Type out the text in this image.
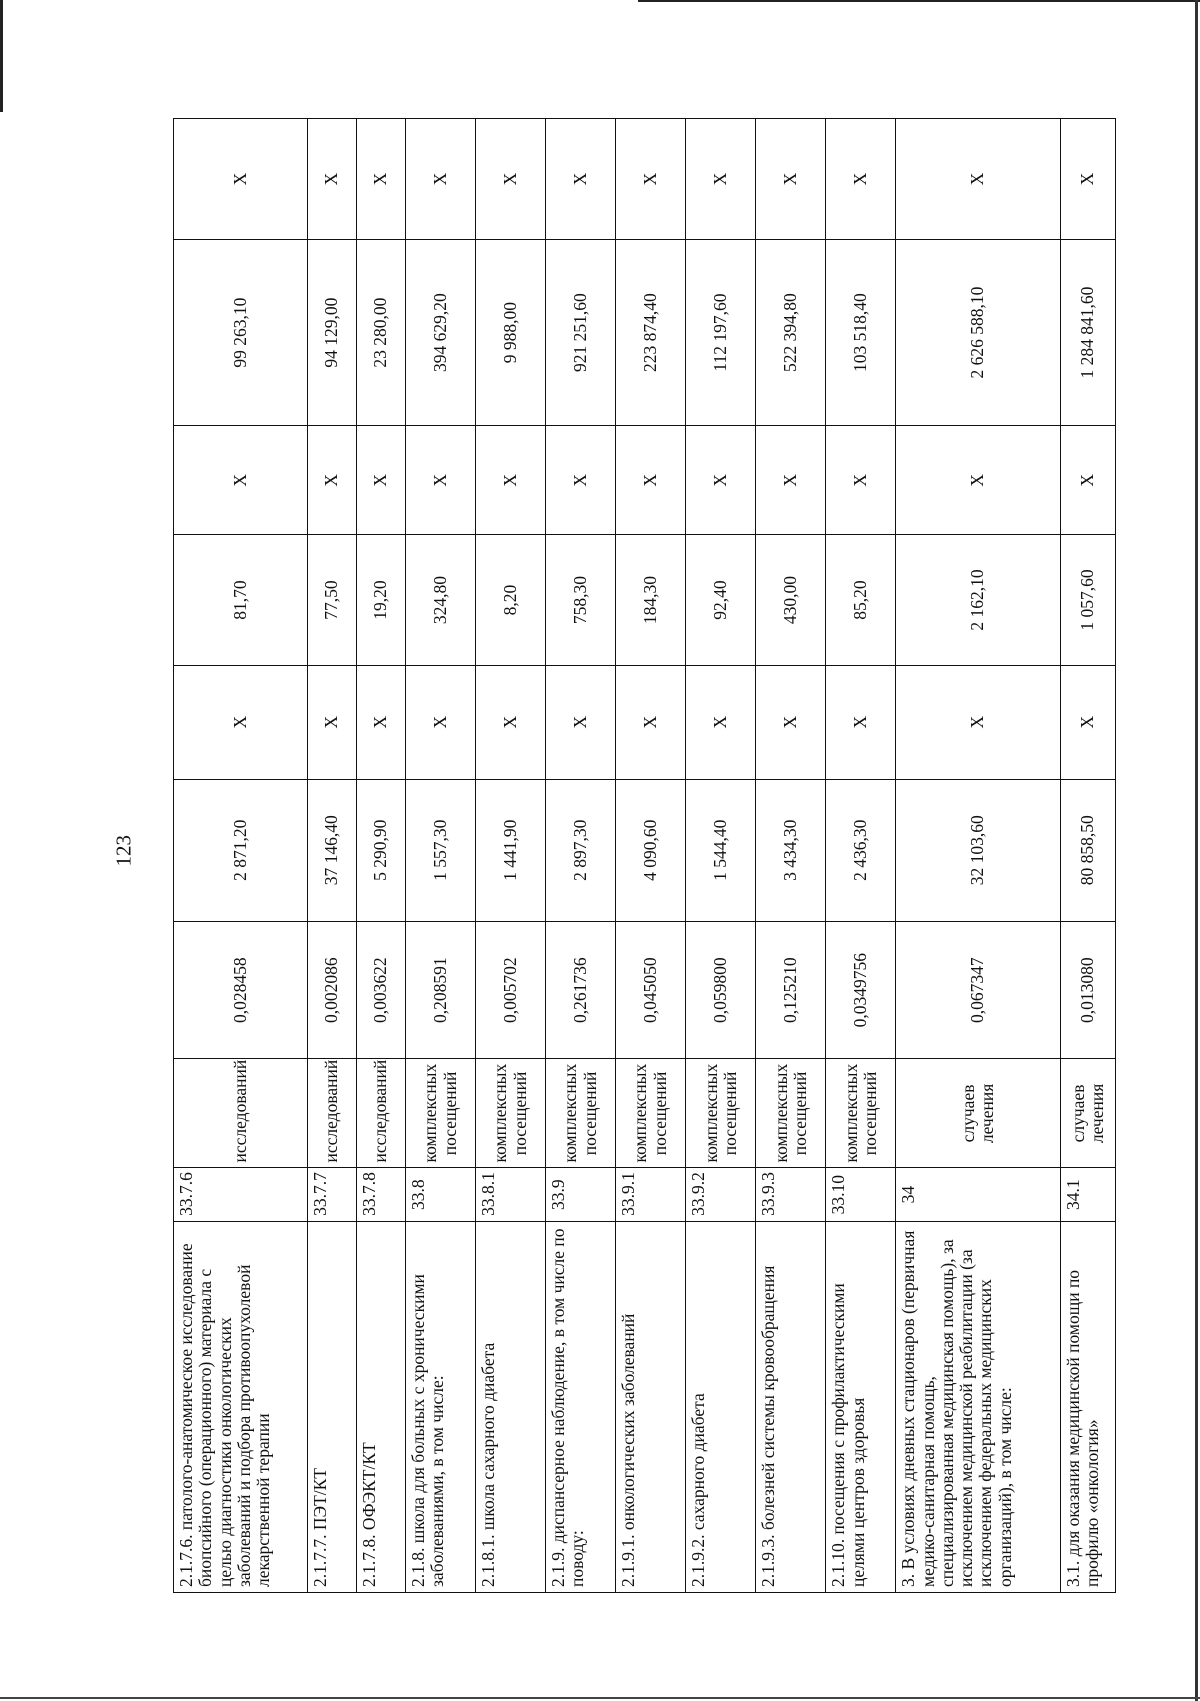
123
2.1.7.6. патолого-анатомическое исследование биопсийного (операционного) материала с целью диагностики онкологических заболеваний и подбора противоопухолевой лекарственной терапии	33.7.6	исследований	0,028458	2 871,20	X	81,70	X	99 263,10	X
2.1.7.7. ПЭТ/КТ	33.7.7	исследований	0,002086	37 146,40	X	77,50	X	94 129,00	X
2.1.7.8. ОФЭКТ/КТ	33.7.8	исследований	0,003622	5 290,90	X	19,20	X	23 280,00	X
2.1.8. школа для больных с хроническими заболеваниями, в том числе:	33.8	комплексных посещений	0,208591	1 557,30	X	324,80	X	394 629,20	X
2.1.8.1. школа сахарного диабета	33.8.1	комплексных посещений	0,005702	1 441,90	X	8,20	X	9 988,00	X
2.1.9. диспансерное наблюдение, в том числе по поводу:	33.9	комплексных посещений	0,261736	2 897,30	X	758,30	X	921 251,60	X
2.1.9.1. онкологических заболеваний	33.9.1	комплексных посещений	0,045050	4 090,60	X	184,30	X	223 874,40	X
2.1.9.2. сахарного диабета	33.9.2	комплексных посещений	0,059800	1 544,40	X	92,40	X	112 197,60	X
2.1.9.3. болезней системы кровообращения	33.9.3	комплексных посещений	0,125210	3 434,30	X	430,00	X	522 394,80	X
2.1.10. посещения с профилактическими целями центров здоровья	33.10	комплексных посещений	0,0349756	2 436,30	X	85,20	X	103 518,40	X
3. В условиях дневных стационаров (первичная медико-санитарная помощь, специализированная медицинская помощь), за исключением медицинской реабилитации (за исключением федеральных медицинских организаций), в том числе:	34	случаев лечения	0,067347	32 103,60	X	2 162,10	X	2 626 588,10	X
3.1. для оказания медицинской помощи по профилю «онкология»	34.1	случаев лечения	0,013080	80 858,50	X	1 057,60	X	1 284 841,60	X
